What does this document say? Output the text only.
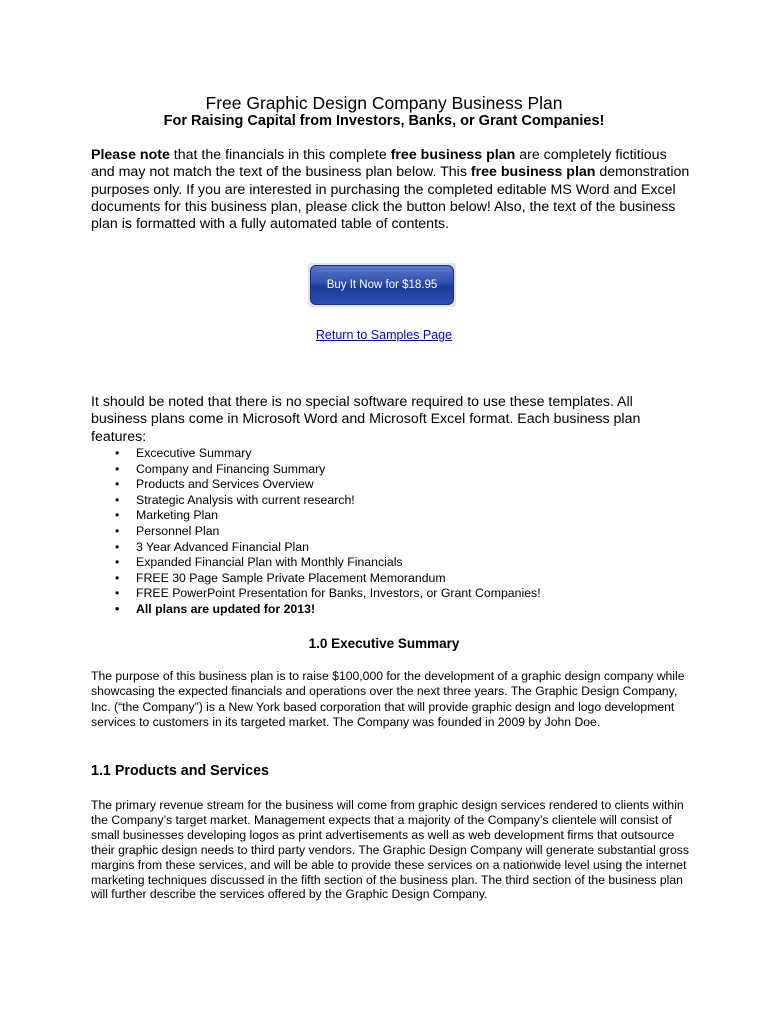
Free Graphic Design Company Business Plan
For Raising Capital from Investors, Banks, or Grant Companies!
Please note that the financials in this complete free business plan are completely fictitious and may not match the text of the business plan below. This free business plan demonstration purposes only. If you are interested in purchasing the completed editable MS Word and Excel documents for this business plan, please click the button below! Also, the text of the business plan is formatted with a fully automated table of contents.
Buy It Now for $18.95
Return to Samples Page
It should be noted that there is no special software required to use these templates. All business plans come in Microsoft Word and Microsoft Excel format. Each business plan features:
• Excecutive Summary
• Company and Financing Summary
• Products and Services Overview
• Strategic Analysis with current research!
• Marketing Plan
• Personnel Plan
• 3 Year Advanced Financial Plan
• Expanded Financial Plan with Monthly Financials
• FREE 30 Page Sample Private Placement Memorandum
• FREE PowerPoint Presentation for Banks, Investors, or Grant Companies!
• All plans are updated for 2013!
1.0 Executive Summary
The purpose of this business plan is to raise $100,000 for the development of a graphic design company while showcasing the expected financials and operations over the next three years. The Graphic Design Company, Inc. (“the Company”) is a New York based corporation that will provide graphic design and logo development services to customers in its targeted market. The Company was founded in 2009 by John Doe.
1.1 Products and Services
The primary revenue stream for the business will come from graphic design services rendered to clients within the Company’s target market. Management expects that a majority of the Company’s clientele will consist of small businesses developing logos as print advertisements as well as web development firms that outsource their graphic design needs to third party vendors. The Graphic Design Company will generate substantial gross margins from these services, and will be able to provide these services on a nationwide level using the internet marketing techniques discussed in the fifth section of the business plan. The third section of the business plan will further describe the services offered by the Graphic Design Company.
